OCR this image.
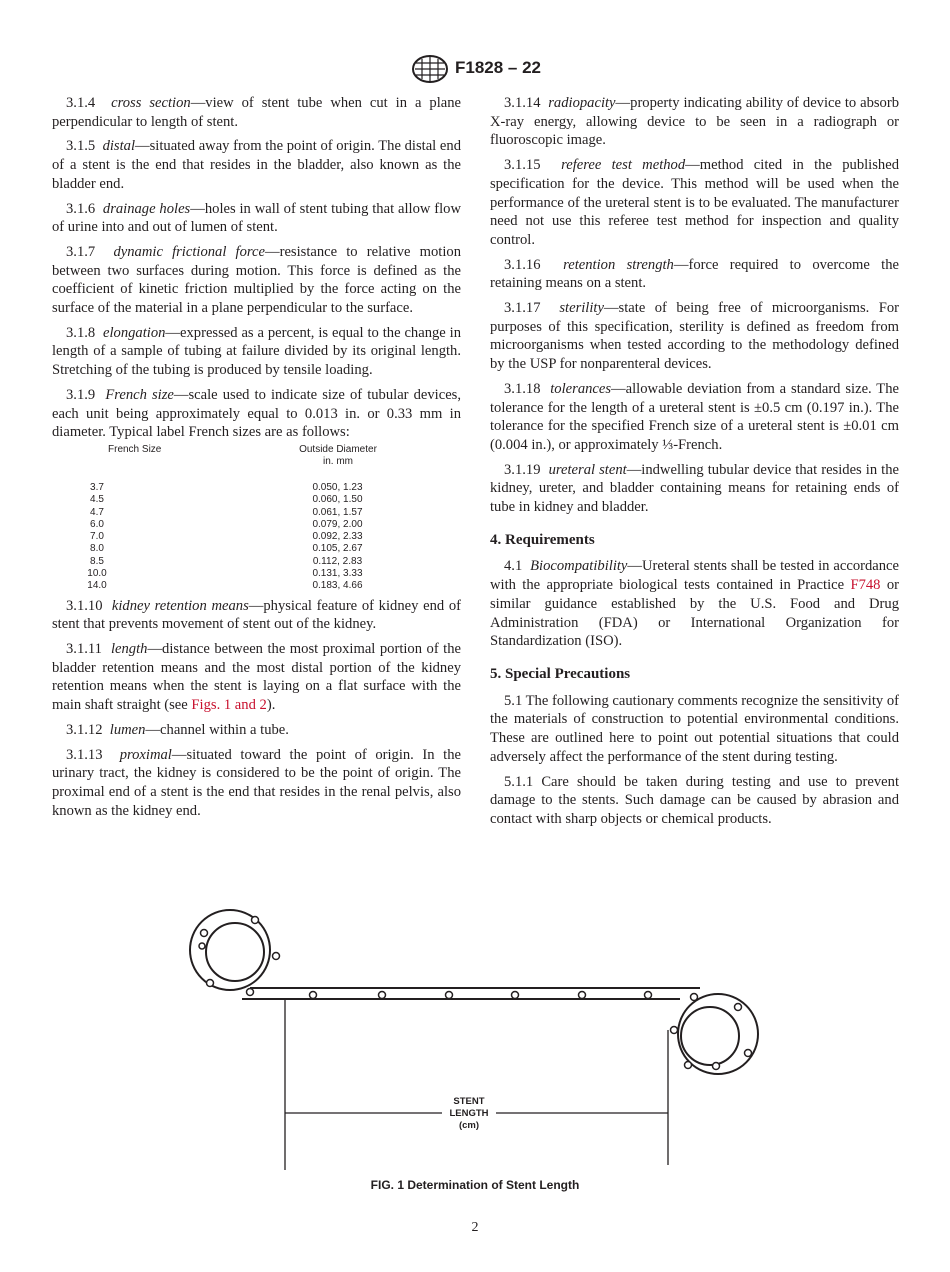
F1828 – 22

3.1.4 cross section—view of stent tube when cut in a plane perpendicular to length of stent.

3.1.5 distal—situated away from the point of origin. The distal end of a stent is the end that resides in the bladder, also known as the bladder end.

3.1.6 drainage holes—holes in wall of stent tubing that allow flow of urine into and out of lumen of stent.

3.1.7 dynamic frictional force—resistance to relative motion between two surfaces during motion. This force is defined as the coefficient of kinetic friction multiplied by the force acting on the surface of the material in a plane perpendicular to the surface.

3.1.8 elongation—expressed as a percent, is equal to the change in length of a sample of tubing at failure divided by its original length. Stretching of the tubing is produced by tensile loading.

3.1.9 French size—scale used to indicate size of tubular devices, each unit being approximately equal to 0.013 in. or 0.33 mm in diameter. Typical label French sizes are as follows:

French Size	Outside Diameter
in. mm
3.7	0.050, 1.23
4.5	0.060, 1.50
4.7	0.061, 1.57
6.0	0.079, 2.00
7.0	0.092, 2.33
8.0	0.105, 2.67
8.5	0.112, 2.83
10.0	0.131, 3.33
14.0	0.183, 4.66

3.1.10 kidney retention means—physical feature of kidney end of stent that prevents movement of stent out of the kidney.

3.1.11 length—distance between the most proximal portion of the bladder retention means and the most distal portion of the kidney retention means when the stent is laying on a flat surface with the main shaft straight (see Figs. 1 and 2).

3.1.12 lumen—channel within a tube.

3.1.13 proximal—situated toward the point of origin. In the urinary tract, the kidney is considered to be the point of origin. The proximal end of a stent is the end that resides in the renal pelvis, also known as the kidney end.

3.1.14 radiopacity—property indicating ability of device to absorb X-ray energy, allowing device to be seen in a radiograph or fluoroscopic image.

3.1.15 referee test method—method cited in the published specification for the device. This method will be used when the performance of the ureteral stent is to be evaluated. The manufacturer need not use this referee test method for inspection and quality control.

3.1.16 retention strength—force required to overcome the retaining means on a stent.

3.1.17 sterility—state of being free of microorganisms. For purposes of this specification, sterility is defined as freedom from microorganisms when tested according to the methodology defined by the USP for nonparenteral devices.

3.1.18 tolerances—allowable deviation from a standard size. The tolerance for the length of a ureteral stent is ±0.5 cm (0.197 in.). The tolerance for the specified French size of a ureteral stent is ±0.01 cm (0.004 in.), or approximately ⅓-French.

3.1.19 ureteral stent—indwelling tubular device that resides in the kidney, ureter, and bladder containing means for retaining ends of tube in kidney and bladder.

4. Requirements

4.1 Biocompatibility—Ureteral stents shall be tested in accordance with the appropriate biological tests contained in Practice F748 or similar guidance established by the U.S. Food and Drug Administration (FDA) or International Organization for Standardization (ISO).

5. Special Precautions

5.1 The following cautionary comments recognize the sensitivity of the materials of construction to potential environmental conditions. These are outlined here to point out potential situations that could adversely affect the performance of the stent during testing.

5.1.1 Care should be taken during testing and use to prevent damage to the stents. Such damage can be caused by abrasion and contact with sharp objects or chemical products.

STENT
LENGTH
(cm)
FIG. 1 Determination of Stent Length
2
